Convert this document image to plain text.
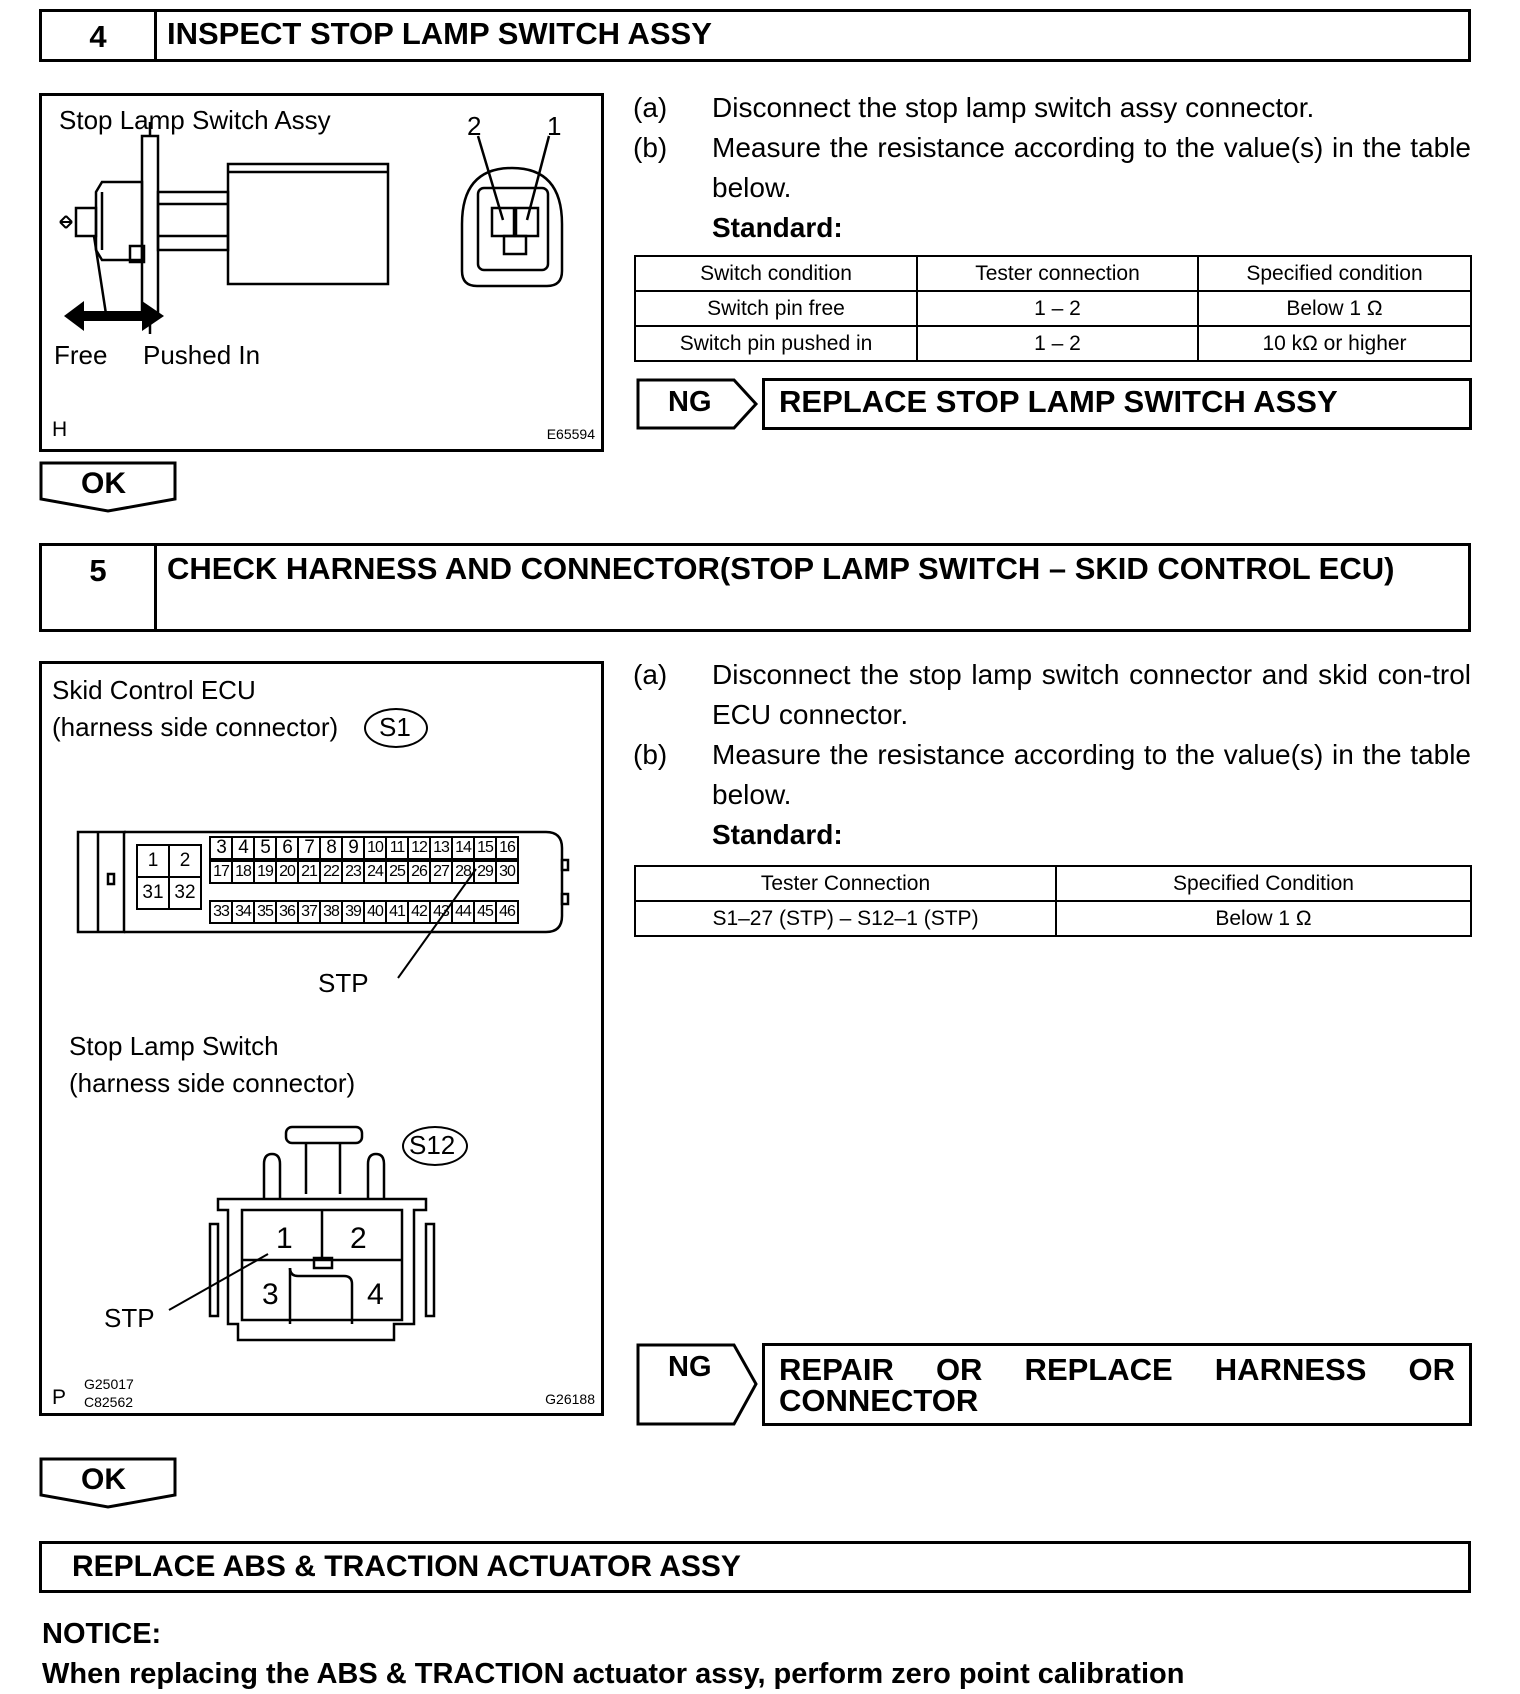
4	INSPECT STOP LAMP SWITCH ASSY
Stop Lamp Switch Assy	2	1
Free Pushed In
H	E65594
(a)	Disconnect the stop lamp switch assy connector.
(b)	Measure the resistance according to the value(s) in the table below.
Standard:
Switch condition	Tester connection	Specified condition
Switch pin free	1 – 2	Below 1 Ω
Switch pin pushed in	1 – 2	10 kΩ or higher
NG	REPLACE STOP LAMP SWITCH ASSY
OK
5	CHECK HARNESS AND CONNECTOR(STOP LAMP SWITCH – SKID CONTROL ECU)
Skid Control ECU
(harness side connector) S1
1	2
31	32
3 4 5 6 7 8 9 10 11 12 13 14 15 16
17 18 19 20 21 22 23 24 25 26 27 28 29 30
33 34 35 36 37 38 39 40 41 42 43 44 45 46
STP
Stop Lamp Switch
(harness side connector)
S12
1 2
3	4
STP
P
G25017
C82562	G26188
(a)	Disconnect the stop lamp switch connector and skid con-trol ECU connector.
(b)	Measure the resistance according to the value(s) in the table below.
Standard:
Tester Connection	Specified Condition
S1–27 (STP) – S12–1 (STP)	Below 1 Ω
NG REPAIR OR REPLACE HARNESS OR
CONNECTOR
OK
REPLACE ABS & TRACTION ACTUATOR ASSY
NOTICE:
When replacing the ABS & TRACTION actuator assy, perform zero point calibration
